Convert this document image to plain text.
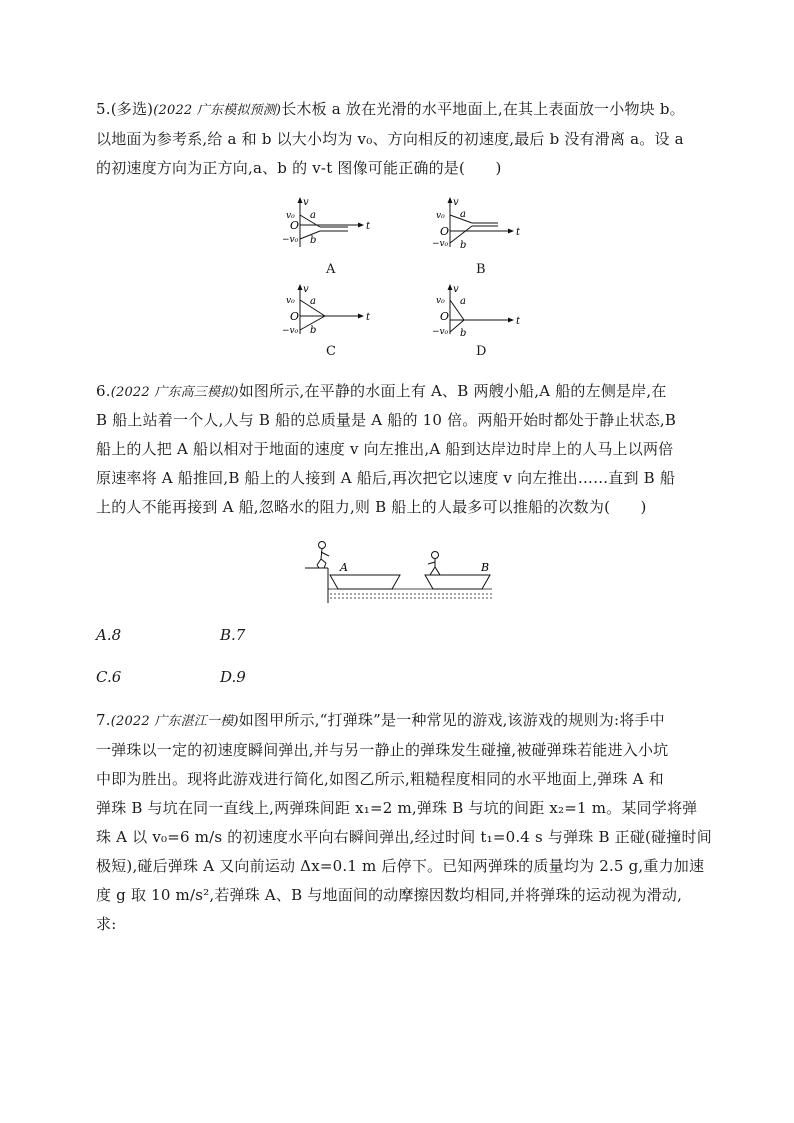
5.(多选)(2022 广东模拟预测)长木板 a 放在光滑的水平地面上,在其上表面放一小物块 b。
以地面为参考系,给 a 和 b 以大小均为 v₀、方向相反的初速度,最后 b 没有滑离 a。设 a
的初速度方向为正方向,a、b 的 v-t 图像可能正确的是(　　)
v
t
v₀
O
−v₀
a
b
A
v
t
v₀
O
−v₀
a
b
B
v
t
v₀
O
−v₀
a
b
C
v
t
v₀
O
−v₀
a
b
D
6.(2022 广东高三模拟)如图所示,在平静的水面上有 A、B 两艘小船,A 船的左侧是岸,在
B 船上站着一个人,人与 B 船的总质量是 A 船的 10 倍。两船开始时都处于静止状态,B
船上的人把 A 船以相对于地面的速度 v 向左推出,A 船到达岸边时岸上的人马上以两倍
原速率将 A 船推回,B 船上的人接到 A 船后,再次把它以速度 v 向左推出……直到 B 船
上的人不能再接到 A 船,忽略水的阻力,则 B 船上的人最多可以推船的次数为(　　)
A	B
A.8	B.7
C.6	D.9
7.(2022 广东湛江一模)如图甲所示,“打弹珠”是一种常见的游戏,该游戏的规则为:将手中
一弹珠以一定的初速度瞬间弹出,并与另一静止的弹珠发生碰撞,被碰弹珠若能进入小坑
中即为胜出。现将此游戏进行简化,如图乙所示,粗糙程度相同的水平地面上,弹珠 A 和
弹珠 B 与坑在同一直线上,两弹珠间距 x₁=2 m,弹珠 B 与坑的间距 x₂=1 m。某同学将弹
珠 A 以 v₀=6 m/s 的初速度水平向右瞬间弹出,经过时间 t₁=0.4 s 与弹珠 B 正碰(碰撞时间
极短),碰后弹珠 A 又向前运动 Δx=0.1 m 后停下。已知两弹珠的质量均为 2.5 g,重力加速
度 g 取 10 m/s²,若弹珠 A、B 与地面间的动摩擦因数均相同,并将弹珠的运动视为滑动,
求:
